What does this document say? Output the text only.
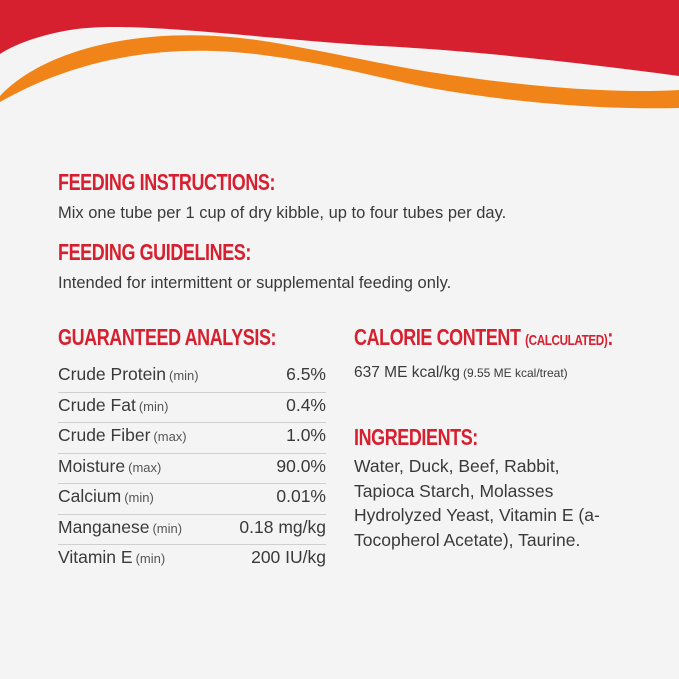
FEEDING INSTRUCTIONS:

Mix one tube per 1 cup of dry kibble, up to four tubes per day.

FEEDING GUIDELINES:

Intended for intermittent or supplemental feeding only.

GUARANTEED ANALYSIS:
Crude Protein (min)	6.5%
Crude Fat (min)	0.4%
Crude Fiber (max)	1.0%
Moisture (max)	90.0%
Calcium (min)	0.01%
Manganese (min)	0.18 mg/kg
Vitamin E (min)	200 IU/kg
CALORIE CONTENT (CALCULATED):
637 ME kcal/kg (9.55 ME kcal/treat)
INGREDIENTS:

Water, Duck, Beef, Rabbit, Tapioca Starch, Molasses Hydrolyzed Yeast, Vitamin E (a-Tocopherol Acetate), Taurine.
